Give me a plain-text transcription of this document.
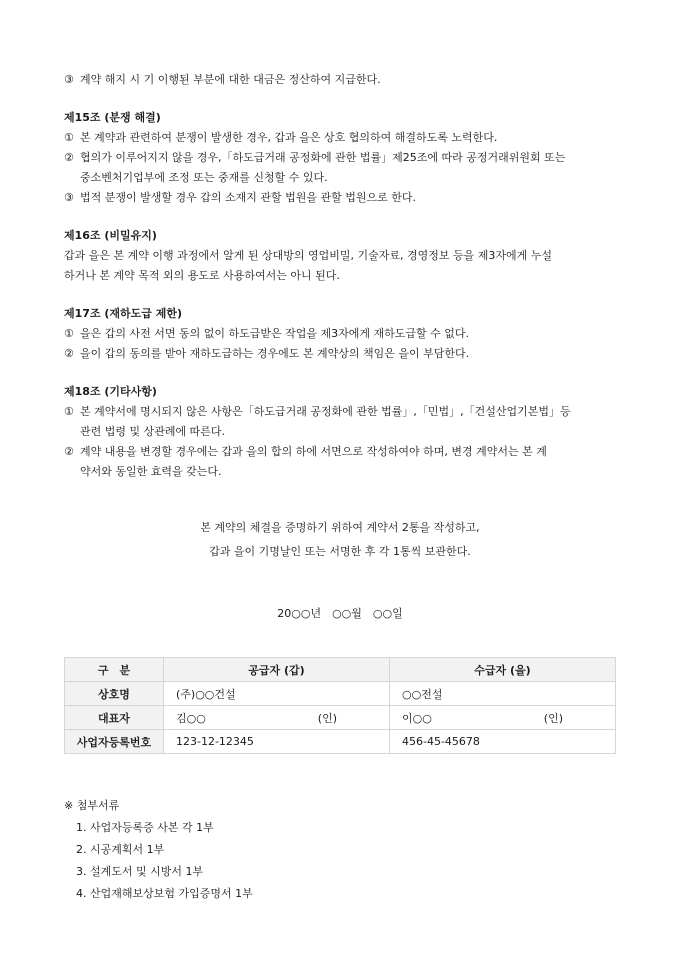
③ 계약 해지 시 기 이행된 부분에 대한 대금은 정산하여 지급한다.

제15조 (분쟁 해결)

① 본 계약과 관련하여 분쟁이 발생한 경우, 갑과 을은 상호 협의하여 해결하도록 노력한다.
② 협의가 이루어지지 않을 경우,「하도급거래 공정화에 관한 법률」제25조에 따라 공정거래위원회 또는
중소벤처기업부에 조정 또는 중재를 신청할 수 있다.
③ 법적 분쟁이 발생할 경우 갑의 소재지 관할 법원을 관할 법원으로 한다.

제16조 (비밀유지)

갑과 을은 본 계약 이행 과정에서 알게 된 상대방의 영업비밀, 기술자료, 경영정보 등을 제3자에게 누설

하거나 본 계약 목적 외의 용도로 사용하여서는 아니 된다.

제17조 (재하도급 제한)

① 을은 갑의 사전 서면 동의 없이 하도급받은 작업을 제3자에게 재하도급할 수 없다.
② 을이 갑의 동의를 받아 재하도급하는 경우에도 본 계약상의 책임은 을이 부담한다.

제18조 (기타사항)

① 본 계약서에 명시되지 않은 사항은「하도급거래 공정화에 관한 법률」,「민법」,「건설산업기본법」등
관련 법령 및 상관례에 따른다.
② 계약 내용을 변경할 경우에는 갑과 을의 합의 하에 서면으로 작성하여야 하며, 변경 계약서는 본 계
약서와 동일한 효력을 갖는다.

본 계약의 체결을 증명하기 위하여 계약서 2통을 작성하고,

갑과 을이 기명날인 또는 서명한 후 각 1통씩 보관한다.

20○○년　○○월　○○일

구　분	공급자 (갑)	수급자 (을)
상호명	(주)○○건설	○○전설
대표자	김○○ (인)	이○○ (인)

사업자등록번호	123-12-12345	456-45-45678

※ 첨부서류

1. 사업자등록증 사본 각 1부
2. 시공계획서 1부
3. 설계도서 및 시방서 1부
4. 산업재해보상보험 가입증명서 1부
